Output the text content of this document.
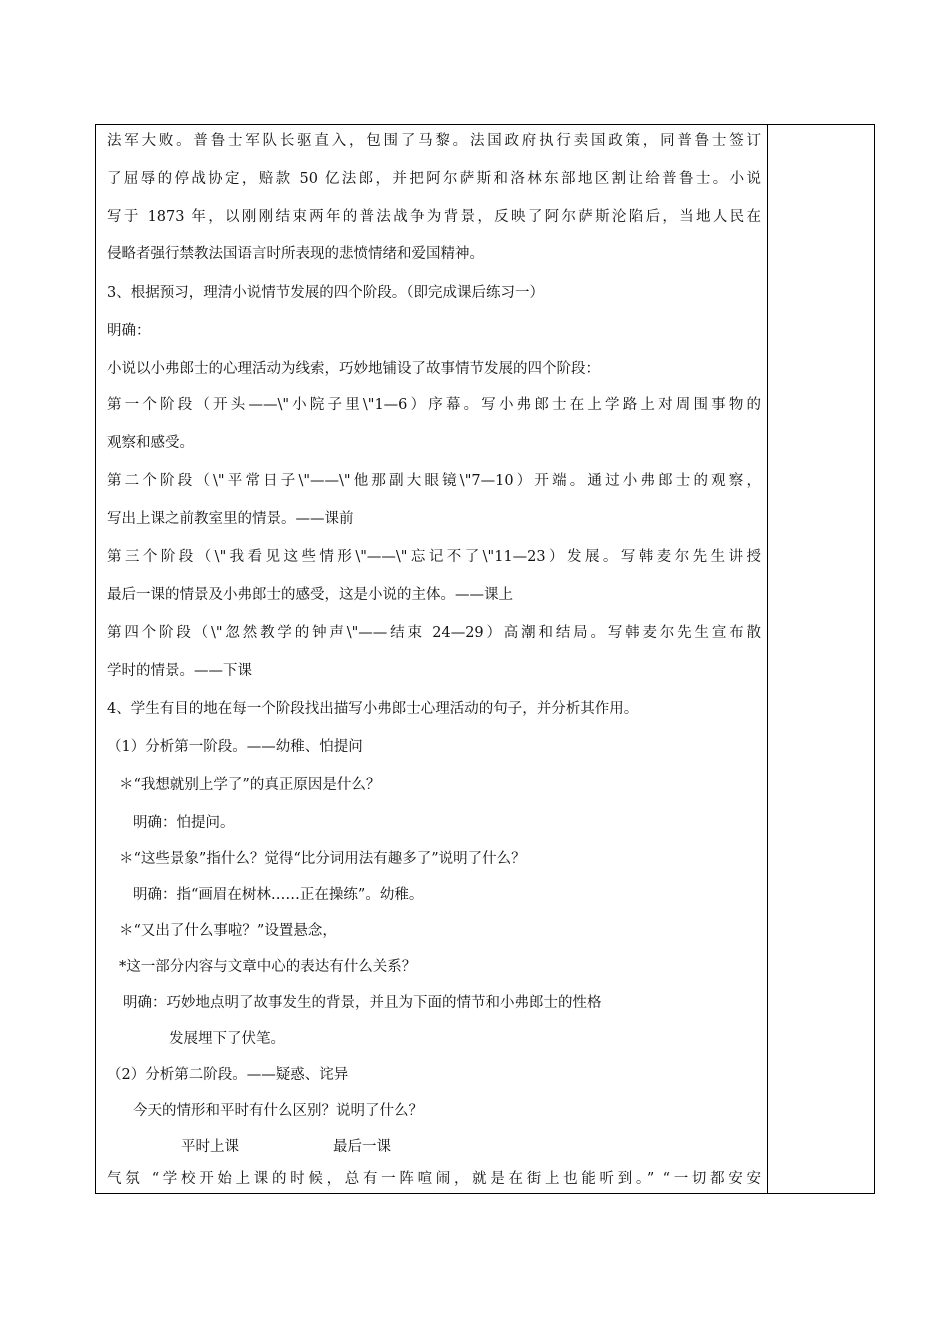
法军大败。普鲁士军队长驱直入，包围了马黎。法国政府执行卖国政策，同普鲁士签订
了屈辱的停战协定，赔款 50 亿法郎，并把阿尔萨斯和洛林东部地区割让给普鲁士。小说
写于 1873 年，以刚刚结束两年的普法战争为背景，反映了阿尔萨斯沦陷后，当地人民在
侵略者强行禁教法国语言时所表现的悲愤情绪和爱国精神。
3、根据预习，理清小说情节发展的四个阶段。（即完成课后练习一）
明确：
小说以小弗郎士的心理活动为线索，巧妙地铺设了故事情节发展的四个阶段：
第一个阶段（开头——\"小院子里\"1—6）序幕。写小弗郎士在上学路上对周围事物的
观察和感受。
第二个阶段（\"平常日子\"——\"他那副大眼镜\"7—10）开端。通过小弗郎士的观察，
写出上课之前教室里的情景。——课前
第三个阶段（\"我看见这些情形\"——\"忘记不了\"11—23）发展。写韩麦尔先生讲授
最后一课的情景及小弗郎士的感受，这是小说的主体。——课上
第四个阶段（\"忽然教学的钟声\"——结束 24—29）高潮和结局。写韩麦尔先生宣布散
学时的情景。——下课
4、学生有目的地在每一个阶段找出描写小弗郎士心理活动的句子，并分析其作用。
（1）分析第一阶段。——幼稚、怕提问
＊“我想就别上学了”的真正原因是什么？
明确：怕提问。
＊“这些景象”指什么？觉得“比分词用法有趣多了”说明了什么？
明确：指“画眉在树林……正在操练”。幼稚。
＊“又出了什么事啦？”设置悬念，
*这一部分内容与文章中心的表达有什么关系？
明确：巧妙地点明了故事发生的背景，并且为下面的情节和小弗郎士的性格
发展埋下了伏笔。
（2）分析第二阶段。——疑惑、诧异
今天的情形和平时有什么区别？说明了什么？
平时上课	最后一课
气氛 “学校开始上课的时候，总有一阵喧闹，就是在街上也能听到。” “一切都安安
